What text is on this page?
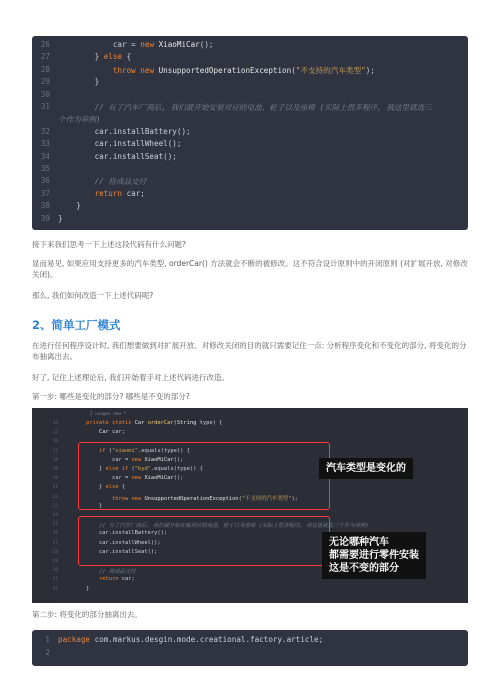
26 car = new XiaoMiCar();
27 } else {
28	throw new UnsupportedOperationException("不支持的汽车类型");
29 }
30
31	// 有了汽车厂商后, 我们就开始安装对应的电池、轮子以及座椅 (实际上很多程序, 我这里就选三
个作为举例)
32 car.installBattery();
33 car.installWheel();
34 car.installSeat();
35
36	// 将成品交付
37	return car;
38 }
39 }
接下来我们思考一下上述这段代码有什么问题?
显而易见, 如果应用支持更多的汽车类型, orderCar() 方法就会不断的被修改。这不符合设计原则中的开闭原则 (对扩展开放, 对修改关闭)。
那么, 我们如何改造一下上述代码呢?
2、简单工厂模式
在进行任何程序设计时, 我们想要做到对扩展开放、对修改关闭的目的就只需要记住一点: 分析程序变化和不变化的部分, 将变化的分布抽离出去。
好了, 记住上述理论后, 我们开始着手对上述代码进行改造。
第一步: 哪些是变化的部分? 哪些是不变的部分?
2 usages new *
汽车类型是变化的
无论哪种汽车
都需要进行零件安装
这是不变的部分
14	private static Car orderCar(String type) {
15	Car car;
16
17	if ("xiaomi".equals(type)) {
18	car = new XiaoMiCar();
19	} else if ("byd".equals(type)) {
20	car = new XiaoMiCar();
21	} else {
22	throw new UnsupportedOperationException("不支持的汽车类型");
23	}
24
25	// 有了汽车厂商后, 我们就开始安装对应的电池、轮子以及座椅 (实际上很多程序, 我这里就选三个作为举例)
26	car.installBattery();
27	car.installWheel();
28	car.installSeat();
29
30	// 将成品交付
31	return car;
32	}
第二步: 将变化的部分抽离出去。
1 package com.markus.desgin.mode.creational.factory.article;
2
